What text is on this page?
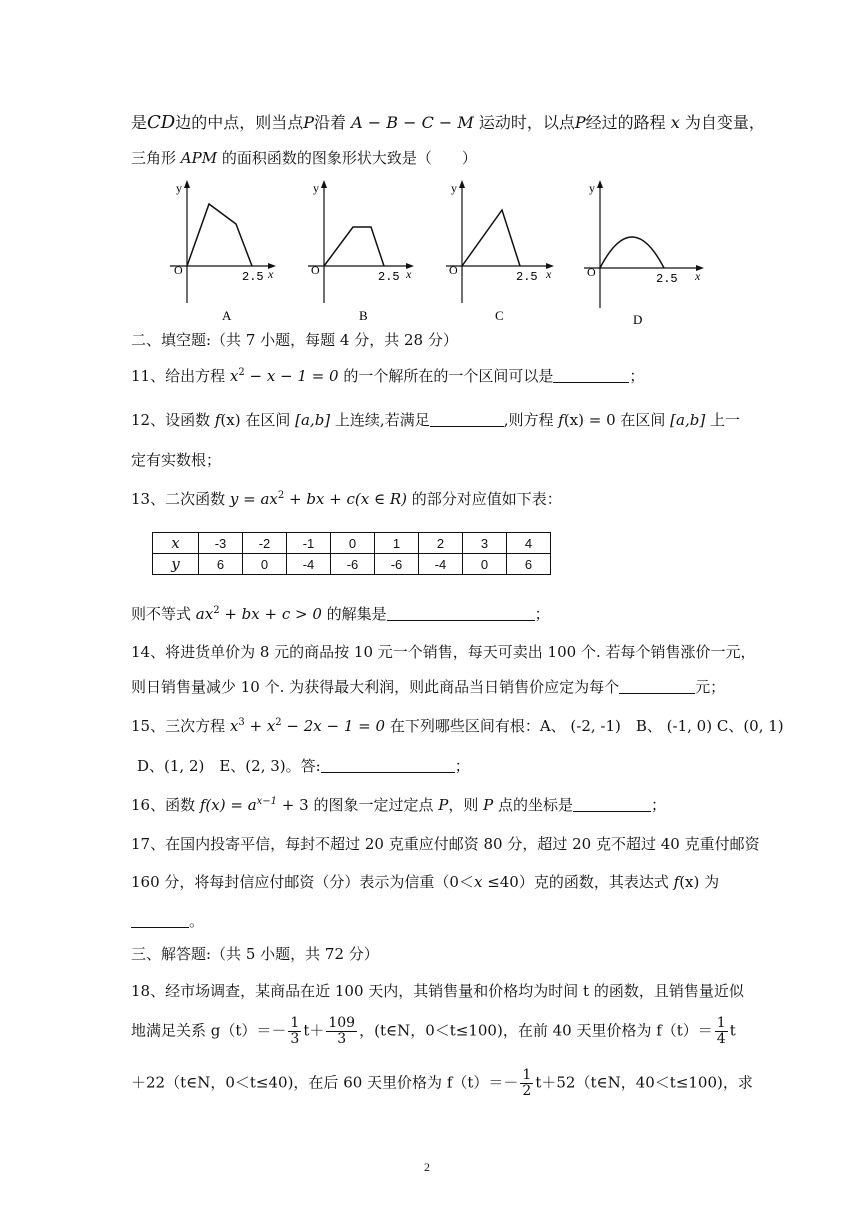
是CD边的中点，则当点P沿着 A − B − C − M 运动时，以点P经过的路程 x 为自变量，
三角形 APM 的面积函数的图象形状大致是（　　）
y
O	2.5 x
A
y
O	2.5 x
B
y
O	2.5 x
C
y
O	2.5 x
D
二、填空题:（共 7 小题，每题 4 分，共 28 分）
11、给出方程 $x^2 - x - 1 = 0$ 的一个解所在的一个区间可以是	；
12、设函数 f(x) 在区间 [a,b] 上连续,若满足	,则方程 f(x) = 0 在区间 [a,b] 上一
定有实数根；
13、二次函数 $y = ax^2$ + bx + c(x ∈ R) 的部分对应值如下表：
x	-3	-2	-1	0	1	2	3	4
y	6	0	-4	-6	-6	-4	0	6
则不等式 $ax^2$ + bx + c > 0 的解集是	；
14、将进货单价为 8 元的商品按 10 元一个销售，每天可卖出 100 个. 若每个销售涨价一元，
则日销售量减少 10 个. 为获得最大利润，则此商品当日销售价应定为每个	元；
15、三次方程 $x^3 + x^2 - 2x - 1 = 0$ 在下列哪些区间有根：A、 (-2, -1)　B、 (-1, 0) C、(0, 1)
D、(1, 2)　E、(2, 3)。答:	；
16、函数 $f(x) = a^{x-1} + 3$ 的图象一定过定点 P，则 P 点的坐标是	；
17、在国内投寄平信，每封不超过 20 克重应付邮资 80 分，超过 20 克不超过 40 克重付邮资
160 分，将每封信应付邮资（分）表示为信重（0＜x ≤40）克的函数，其表达式 f(x) 为
。
三、解答题:（共 5 小题，共 72 分）
18、经市场调查，某商品在近 100 天内，其销售量和价格均为时间 t 的函数，且销售量近似
地满足关系 $g(t)=- \frac{1}{3} t+ \frac{109}{3}$ ，(t∈N，0＜t≤100)，在前 40 天里价格为 $f(t)= \frac{1}{4}$ t
＋22（t∈N，0＜t≤40)，在后 60 天里价格为 $f(t)=- \frac{1}{2}$ t＋52（t∈N，40＜t≤100)，求
2
